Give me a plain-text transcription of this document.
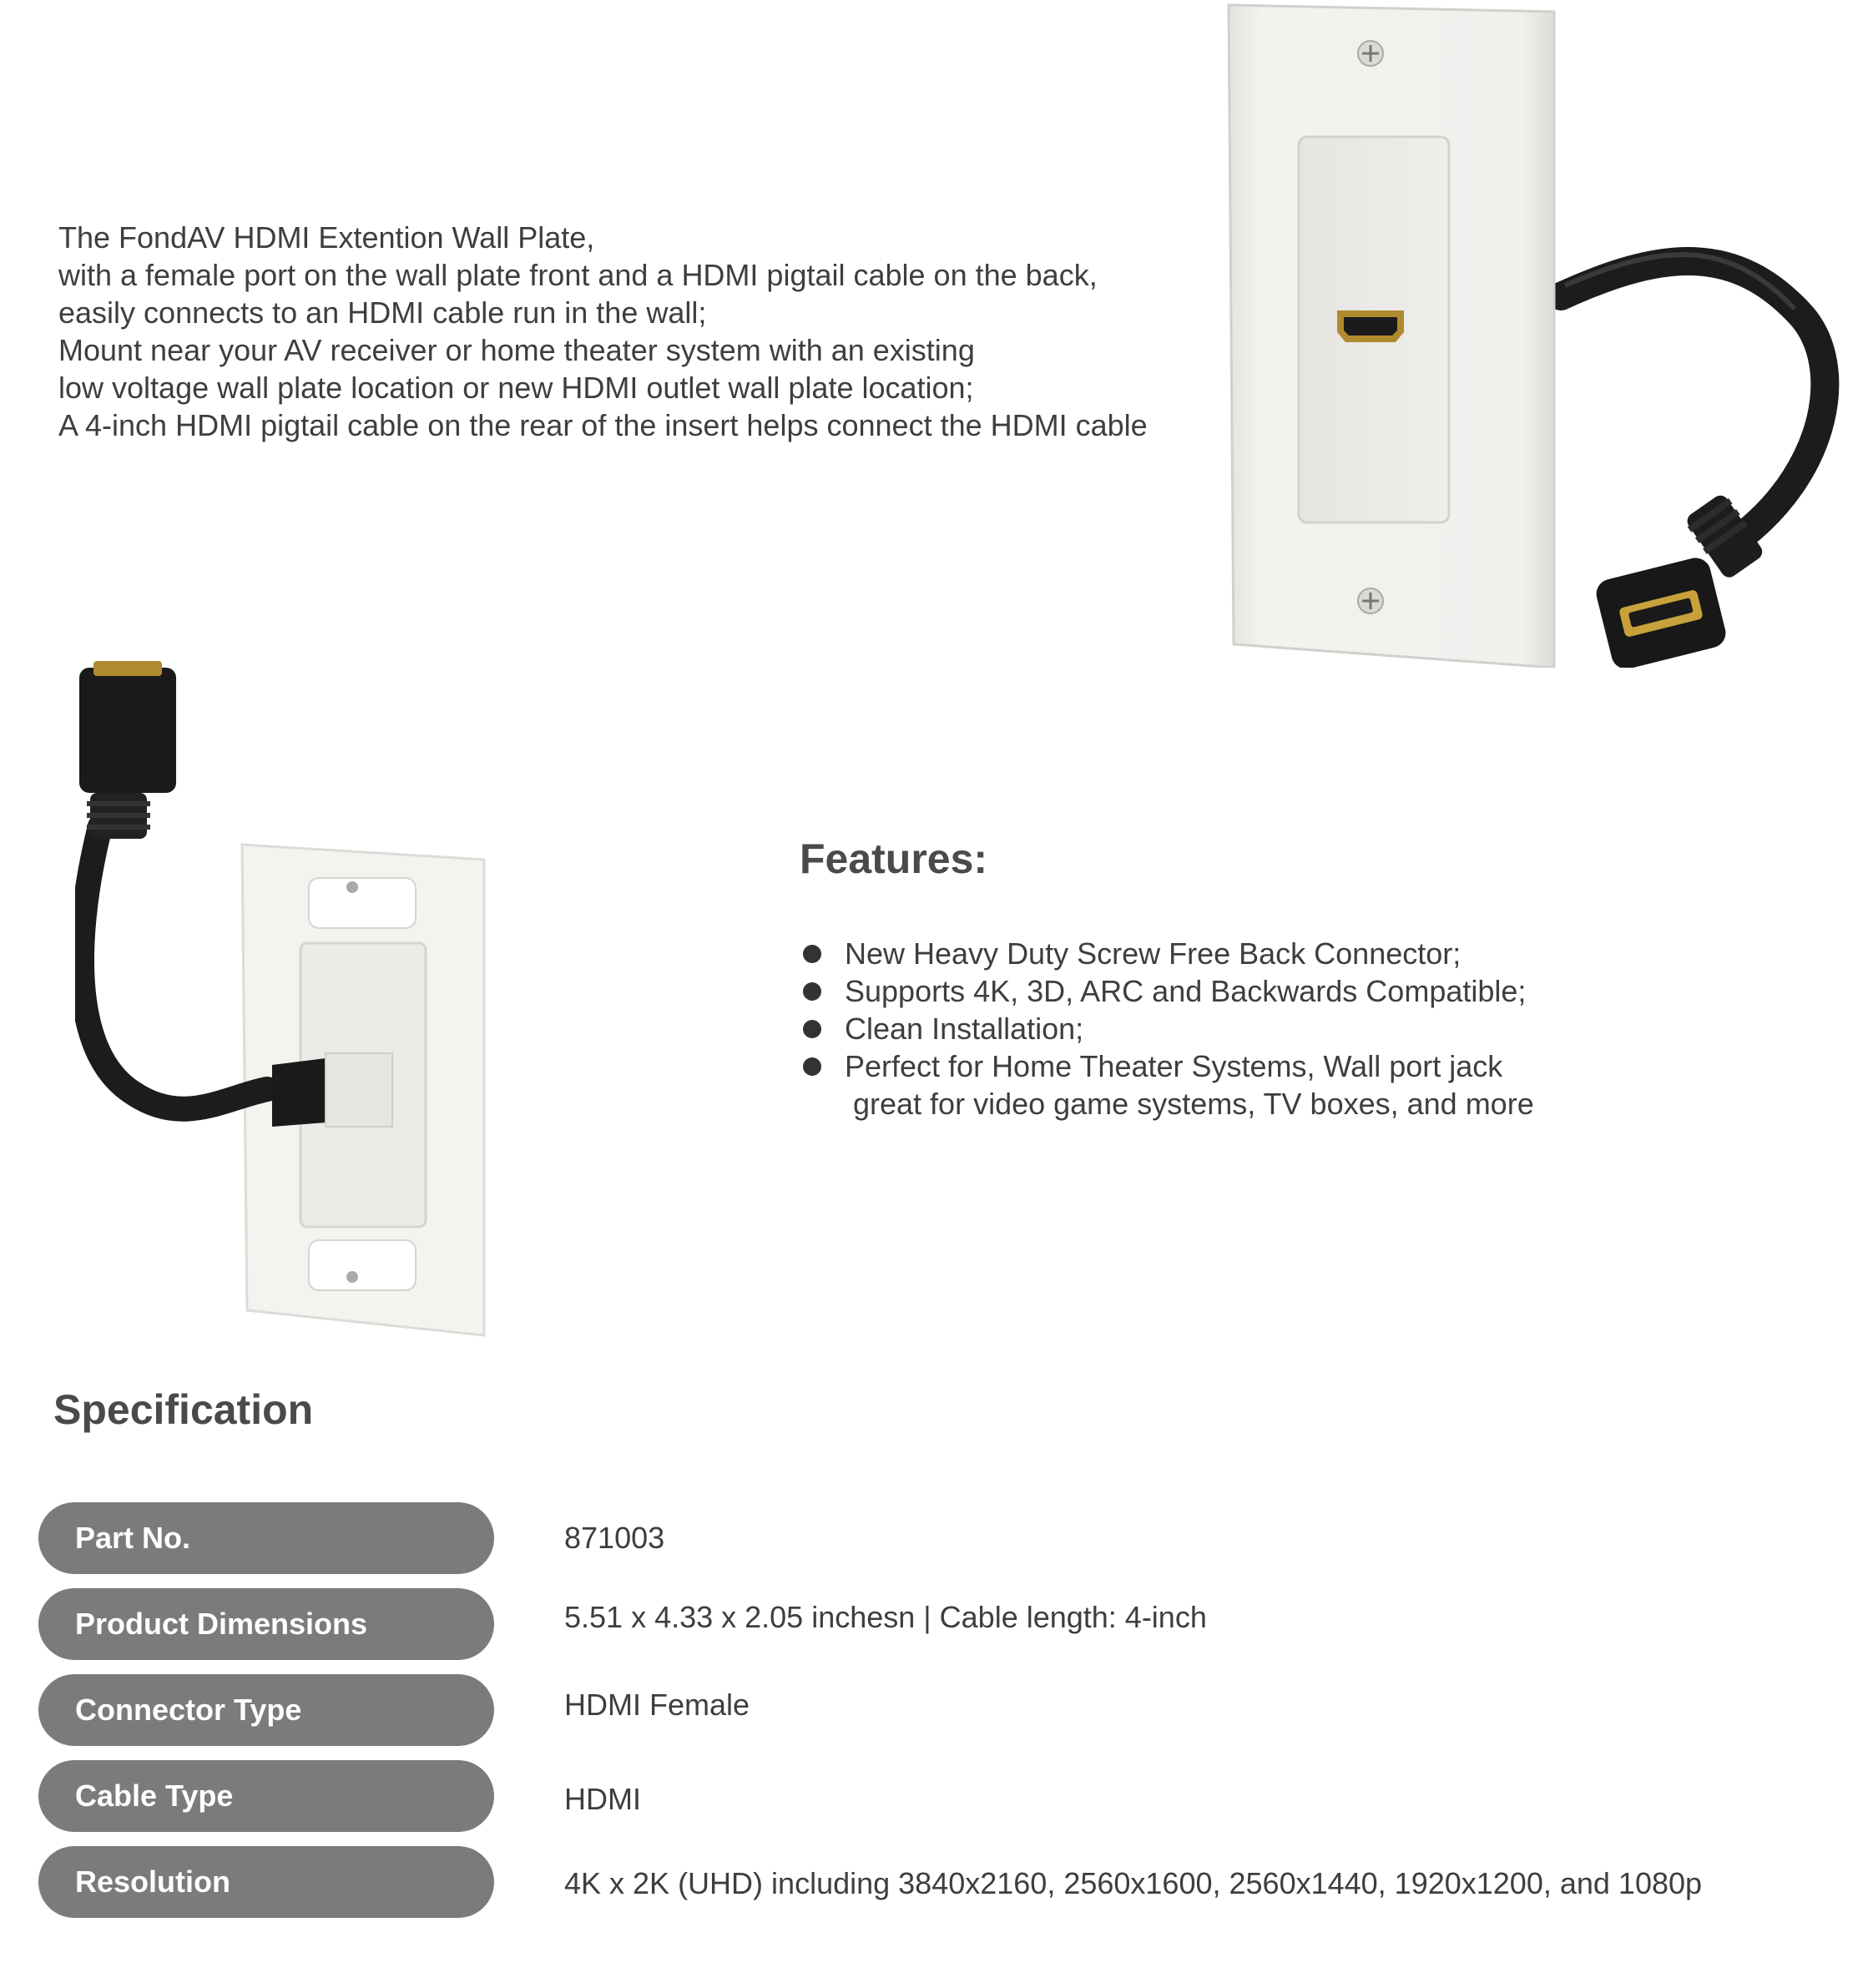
The FondAV HDMI Extention Wall Plate,
with a female port on the wall plate front and a HDMI pigtail cable on the back,
easily connects to an HDMI cable run in the wall;
Mount near your AV receiver or home theater system with an existing
low voltage wall plate location or new HDMI outlet wall plate location;
A 4-inch HDMI pigtail cable on the rear of the insert helps connect the HDMI cable
Features:
New Heavy Duty Screw Free Back Connector;
Supports 4K, 3D, ARC and Backwards Compatible;
Clean Installation;
Perfect for Home Theater Systems, Wall port jack
great for video game systems, TV boxes, and more
Specification
Part No.	871003
Product Dimensions	5.51 x 4.33 x 2.05 inchesn | Cable length: 4-inch
Connector Type	HDMI Female
Cable Type	HDMI
Resolution	4K x 2K (UHD) including 3840x2160, 2560x1600, 2560x1440, 1920x1200, and 1080p
